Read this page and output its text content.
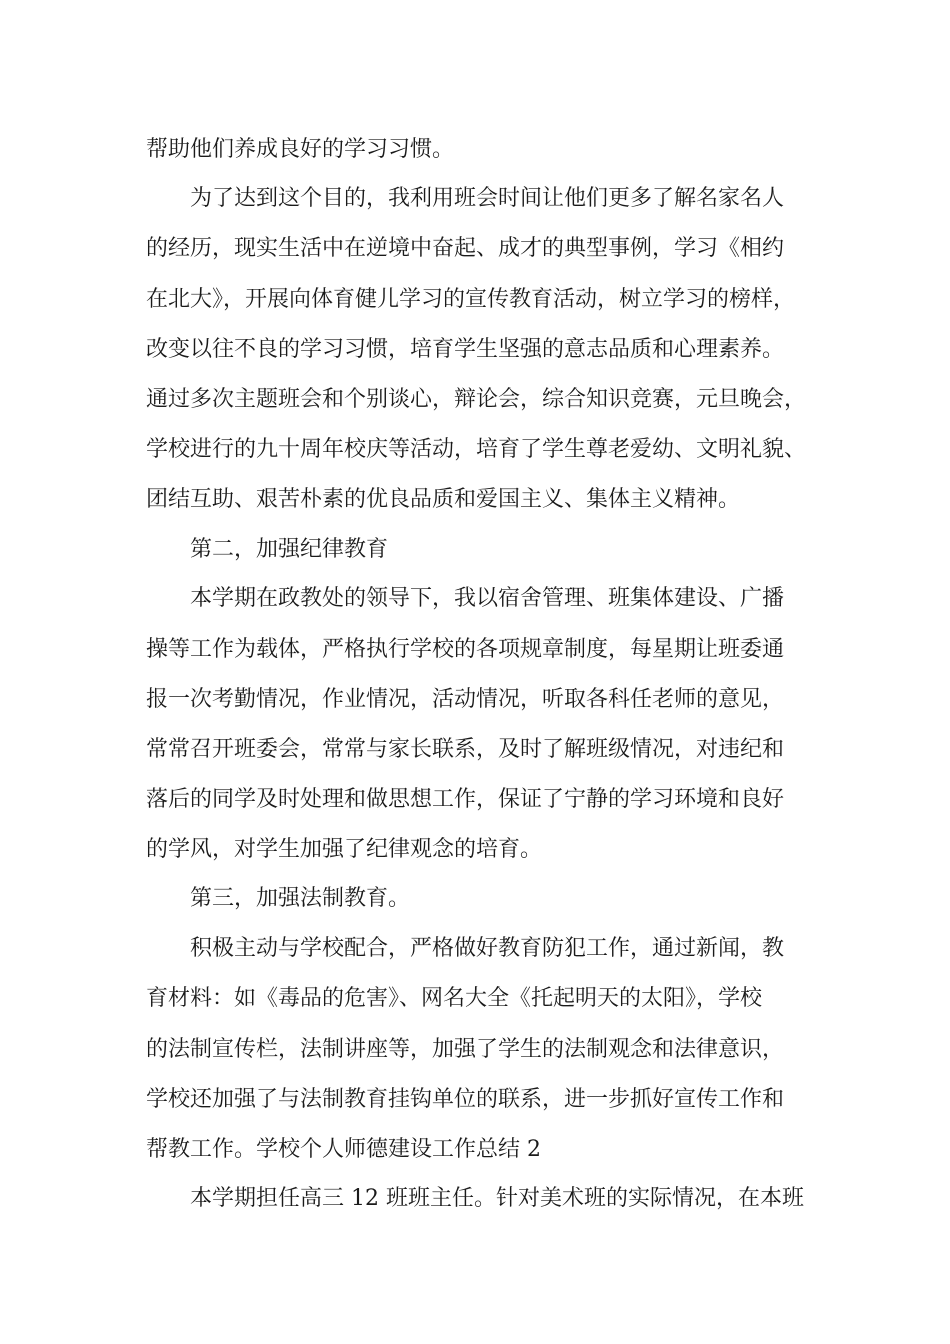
帮助他们养成良好的学习习惯。
为了达到这个目的，我利用班会时间让他们更多了解名家名人
的经历，现实生活中在逆境中奋起、成才的典型事例，学习《相约
在北大》，开展向体育健儿学习的宣传教育活动，树立学习的榜样，
改变以往不良的学习习惯，培育学生坚强的意志品质和心理素养。
通过多次主题班会和个别谈心，辩论会，综合知识竞赛，元旦晚会，
学校进行的九十周年校庆等活动，培育了学生尊老爱幼、文明礼貌、
团结互助、艰苦朴素的优良品质和爱国主义、集体主义精神。
第二，加强纪律教育
本学期在政教处的领导下，我以宿舍管理、班集体建设、广播
操等工作为载体，严格执行学校的各项规章制度，每星期让班委通
报一次考勤情况，作业情况，活动情况，听取各科任老师的意见，
常常召开班委会，常常与家长联系，及时了解班级情况，对违纪和
落后的同学及时处理和做思想工作，保证了宁静的学习环境和良好
的学风，对学生加强了纪律观念的培育。
第三，加强法制教育。
积极主动与学校配合，严格做好教育防犯工作，通过新闻，教
育材料：如《毒品的危害》、网名大全《托起明天的太阳》，学校
的法制宣传栏，法制讲座等，加强了学生的法制观念和法律意识，
学校还加强了与法制教育挂钩单位的联系，进一步抓好宣传工作和
帮教工作。学校个人师德建设工作总结 2
本学期担任高三 12 班班主任。针对美术班的实际情况，在本班
